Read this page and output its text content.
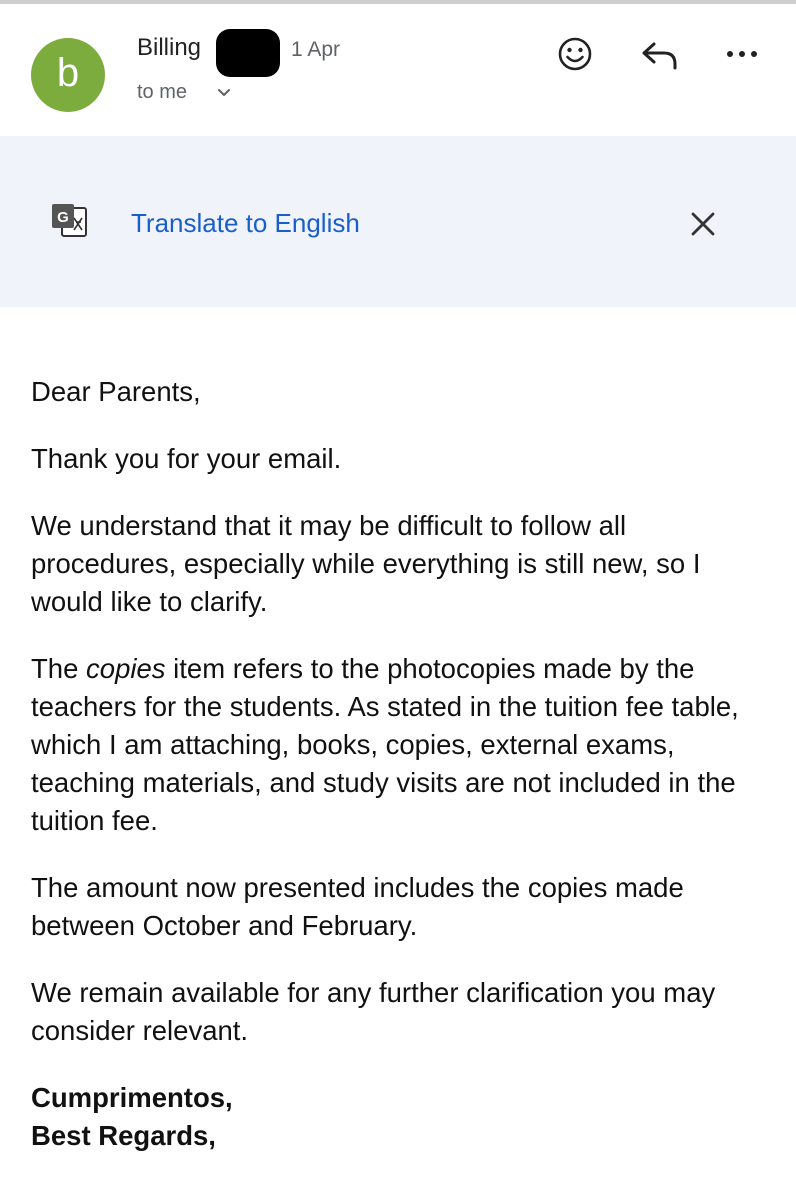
b
Billing	1 Apr
to me
G Translate to English

Dear Parents,

Thank you for your email.

We understand that it may be difficult to follow all procedures, especially while everything is still new, so I would like to clarify.

The copies item refers to the photocopies made by the teachers for the students. As stated in the tuition fee table, which I am attaching, books, copies, external exams, teaching materials, and study visits are not included in the tuition fee.

The amount now presented includes the copies made between October and February.

We remain available for any further clarification you may consider relevant.

Cumprimentos,
Best Regards,
